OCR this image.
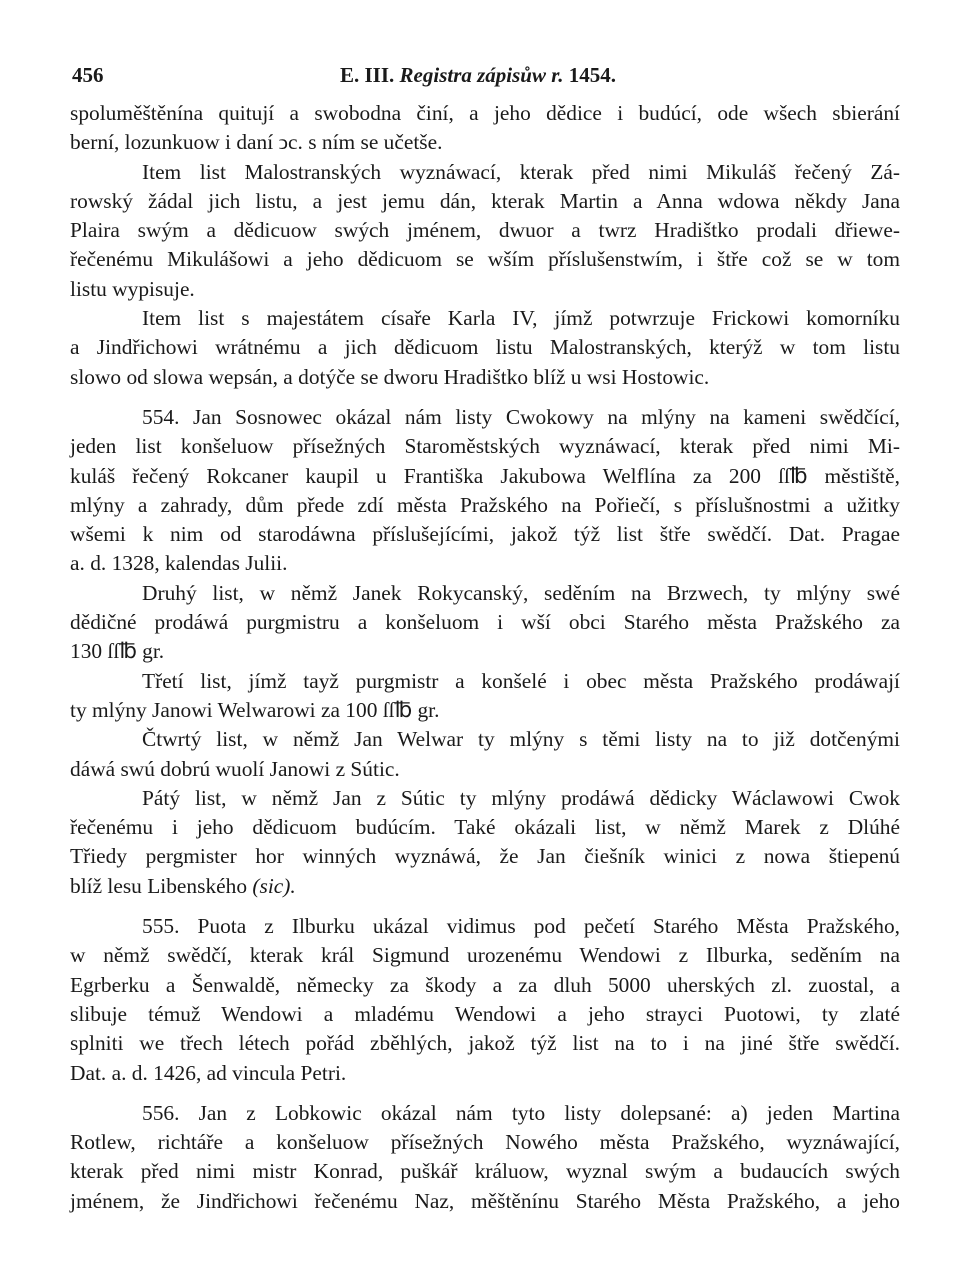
456	E. III. Registra zápisůw r. 1454.
spoluměštěnína quitují a swobodna činí, a jeho dědice i budúcí, ode wšech sbierání
berní, lozunkuow i daní ͻc. s ním se učetše.
Item list Malostranských wyznáwací, kterak před nimi Mikuláš řečený Zá-
rowský žádal jich listu, a jest jemu dán, kterak Martin a Anna wdowa někdy Jana
Plaira swým a dědicuow swých jménem, dwuor a twrz Hradištko prodali dřiewe-
řečenému Mikulášowi a jeho dědicuom se wším příslušenstwím, i štře což se w tom
listu wypisuje.
Item list s majestátem císaře Karla IV, jímž potwrzuje Frickowi komorníku
a Jindřichowi wrátnému a jich dědicuom listu Malostranských, kterýž w tom listu
slowo od slowa wepsán, a dotýče se dworu Hradištko blíž u wsi Hostowic.
554. Jan Sosnowec okázal nám listy Cwokowy na mlýny na kameni swědčící,
jeden list konšeluow přísežných Staroměstských wyznáwací, kterak před nimi Mi-
kuláš řečený Rokcaner kaupil u Františka Jakubowa Welflína za 200 ſſ℔ městiště,
mlýny a zahrady, dům přede zdí města Pražského na Pořiečí, s příslušnostmi a užitky
wšemi k nim od starodáwna příslušejícími, jakož týž list štře swědčí. Dat. Pragae
a. d. 1328, kalendas Julii.
Druhý list, w němž Janek Rokycanský, seděním na Brzwech, ty mlýny swé
dědičné prodáwá purgmistru a konšeluom i wší obci Starého města Pražského za
130 ſſ℔ gr.
Třetí list, jímž tayž purgmistr a konšelé i obec města Pražského prodáwají
ty mlýny Janowi Welwarowi za 100 ſſ℔ gr.
Čtwrtý list, w němž Jan Welwar ty mlýny s těmi listy na to již dotčenými
dáwá swú dobrú wuolí Janowi z Sútic.
Pátý list, w němž Jan z Sútic ty mlýny prodáwá dědicky Wáclawowi Cwok
řečenému i jeho dědicuom budúcím. Také okázali list, w němž Marek z Dlúhé
Třiedy pergmister hor winných wyznáwá, že Jan čiešník winici z nowa štiepenú
blíž lesu Libenského (sic).
555. Puota z Ilburku ukázal vidimus pod pečetí Starého Města Pražského,
w němž swědčí, kterak král Sigmund urozenému Wendowi z Ilburka, seděním na
Egrberku a Šenwaldě, německy za škody a za dluh 5000 uherských zl. zuostal, a
slibuje témuž Wendowi a mladému Wendowi a jeho strayci Puotowi, ty zlaté
splniti we třech létech pořád zběhlých, jakož týž list na to i na jiné štře swědčí.
Dat. a. d. 1426, ad vincula Petri.
556. Jan z Lobkowic okázal nám tyto listy dolepsané: a) jeden Martina
Rotlew, richtáře a konšeluow přísežných Nowého města Pražského, wyznáwající,
kterak před nimi mistr Konrad, puškář králuow, wyznal swým a budaucích swých
jménem, že Jindřichowi řečenému Naz, měštěnínu Starého Města Pražského, a jeho
